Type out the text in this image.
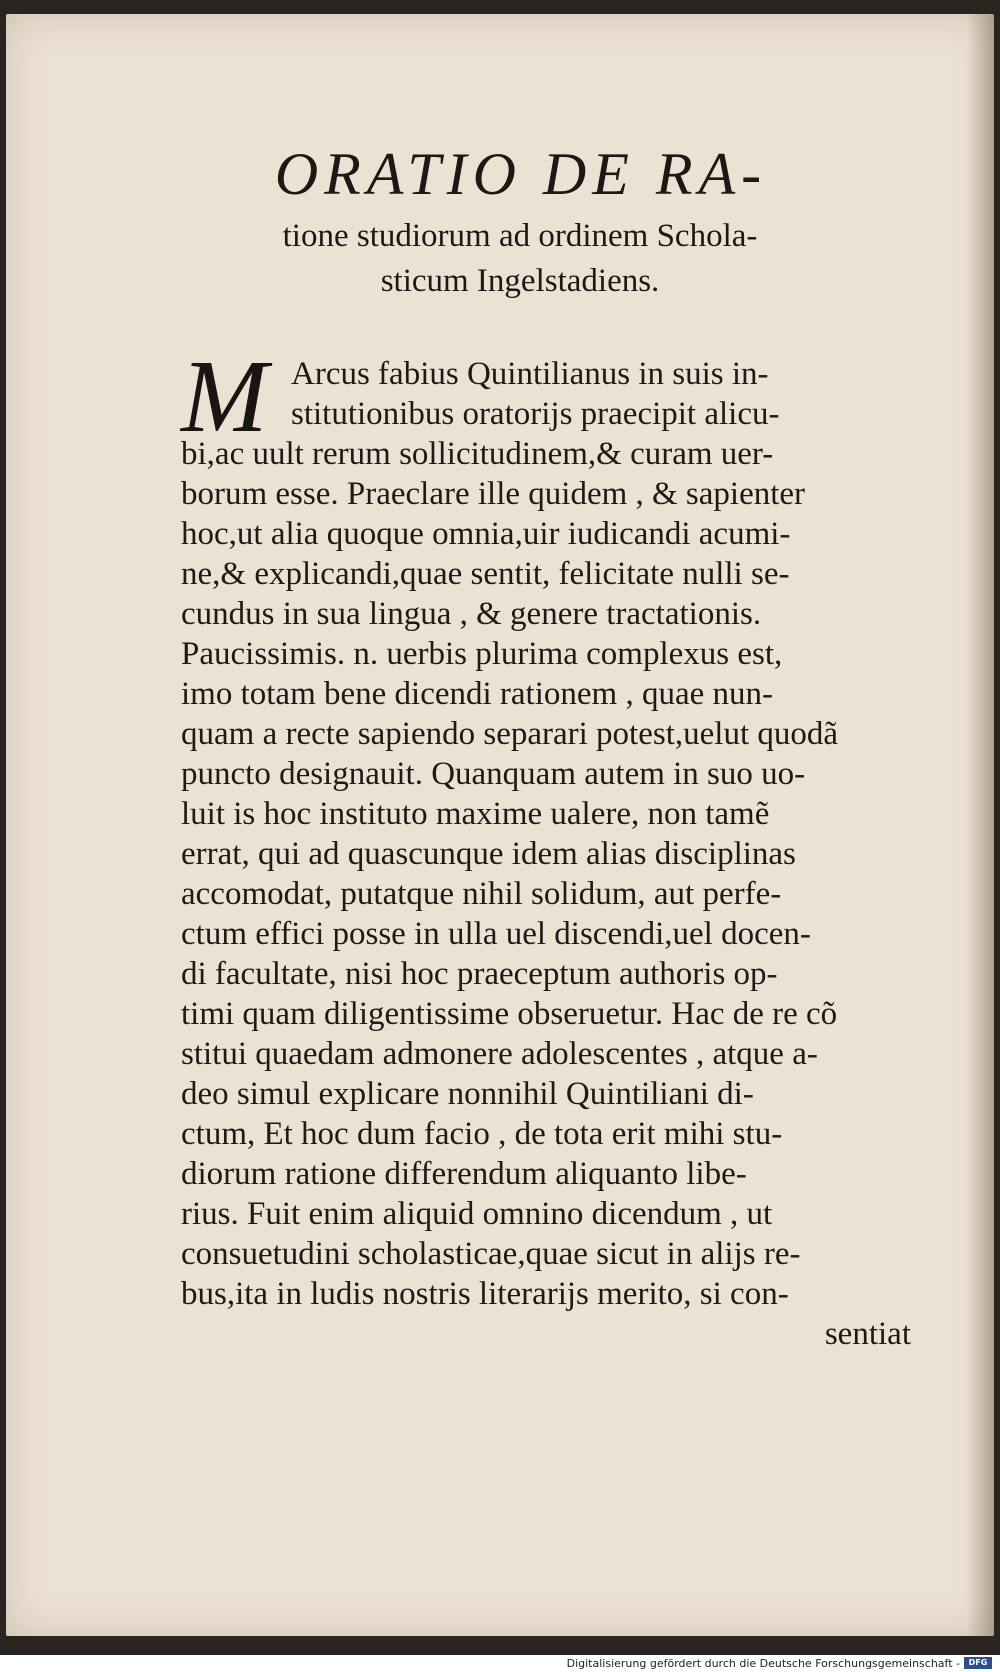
ORATIO DE RA-
tione studiorum ad ordinem Schola-
sticum Ingelstadiens.
M Arcus fabius Quintilianus in suis in-
stitutionibus oratorijs praecipit alicu-
bi,ac uult rerum sollicitudinem,& curam uer-
borum esse. Praeclare ille quidem , & sapienter
hoc,ut alia quoque omnia,uir iudicandi acumi-
ne,& explicandi,quae sentit, felicitate nulli se-
cundus in sua lingua , & genere tractationis.
Paucissimis. n. uerbis plurima complexus est,
imo totam bene dicendi rationem , quae nun-
quam a recte sapiendo separari potest,uelut quodã
puncto designauit. Quanquam autem in suo uo-
luit is hoc instituto maxime ualere, non tamẽ
errat, qui ad quascunque idem alias disciplinas
accomodat, putatque nihil solidum, aut perfe-
ctum effici posse in ulla uel discendi,uel docen-
di facultate, nisi hoc praeceptum authoris op-
timi quam diligentissime obseruetur. Hac de re cõ
stitui quaedam admonere adolescentes , atque a-
deo simul explicare nonnihil Quintiliani di-
ctum, Et hoc dum facio , de tota erit mihi stu-
diorum ratione differendum aliquanto libe-
rius. Fuit enim aliquid omnino dicendum , ut
consuetudini scholasticae,quae sicut in alijs re-
bus,ita in ludis nostris literarijs merito, si con-
sentiat
Digitalisierung gefördert durch die Deutsche Forschungsgemeinschaft -	DFG
